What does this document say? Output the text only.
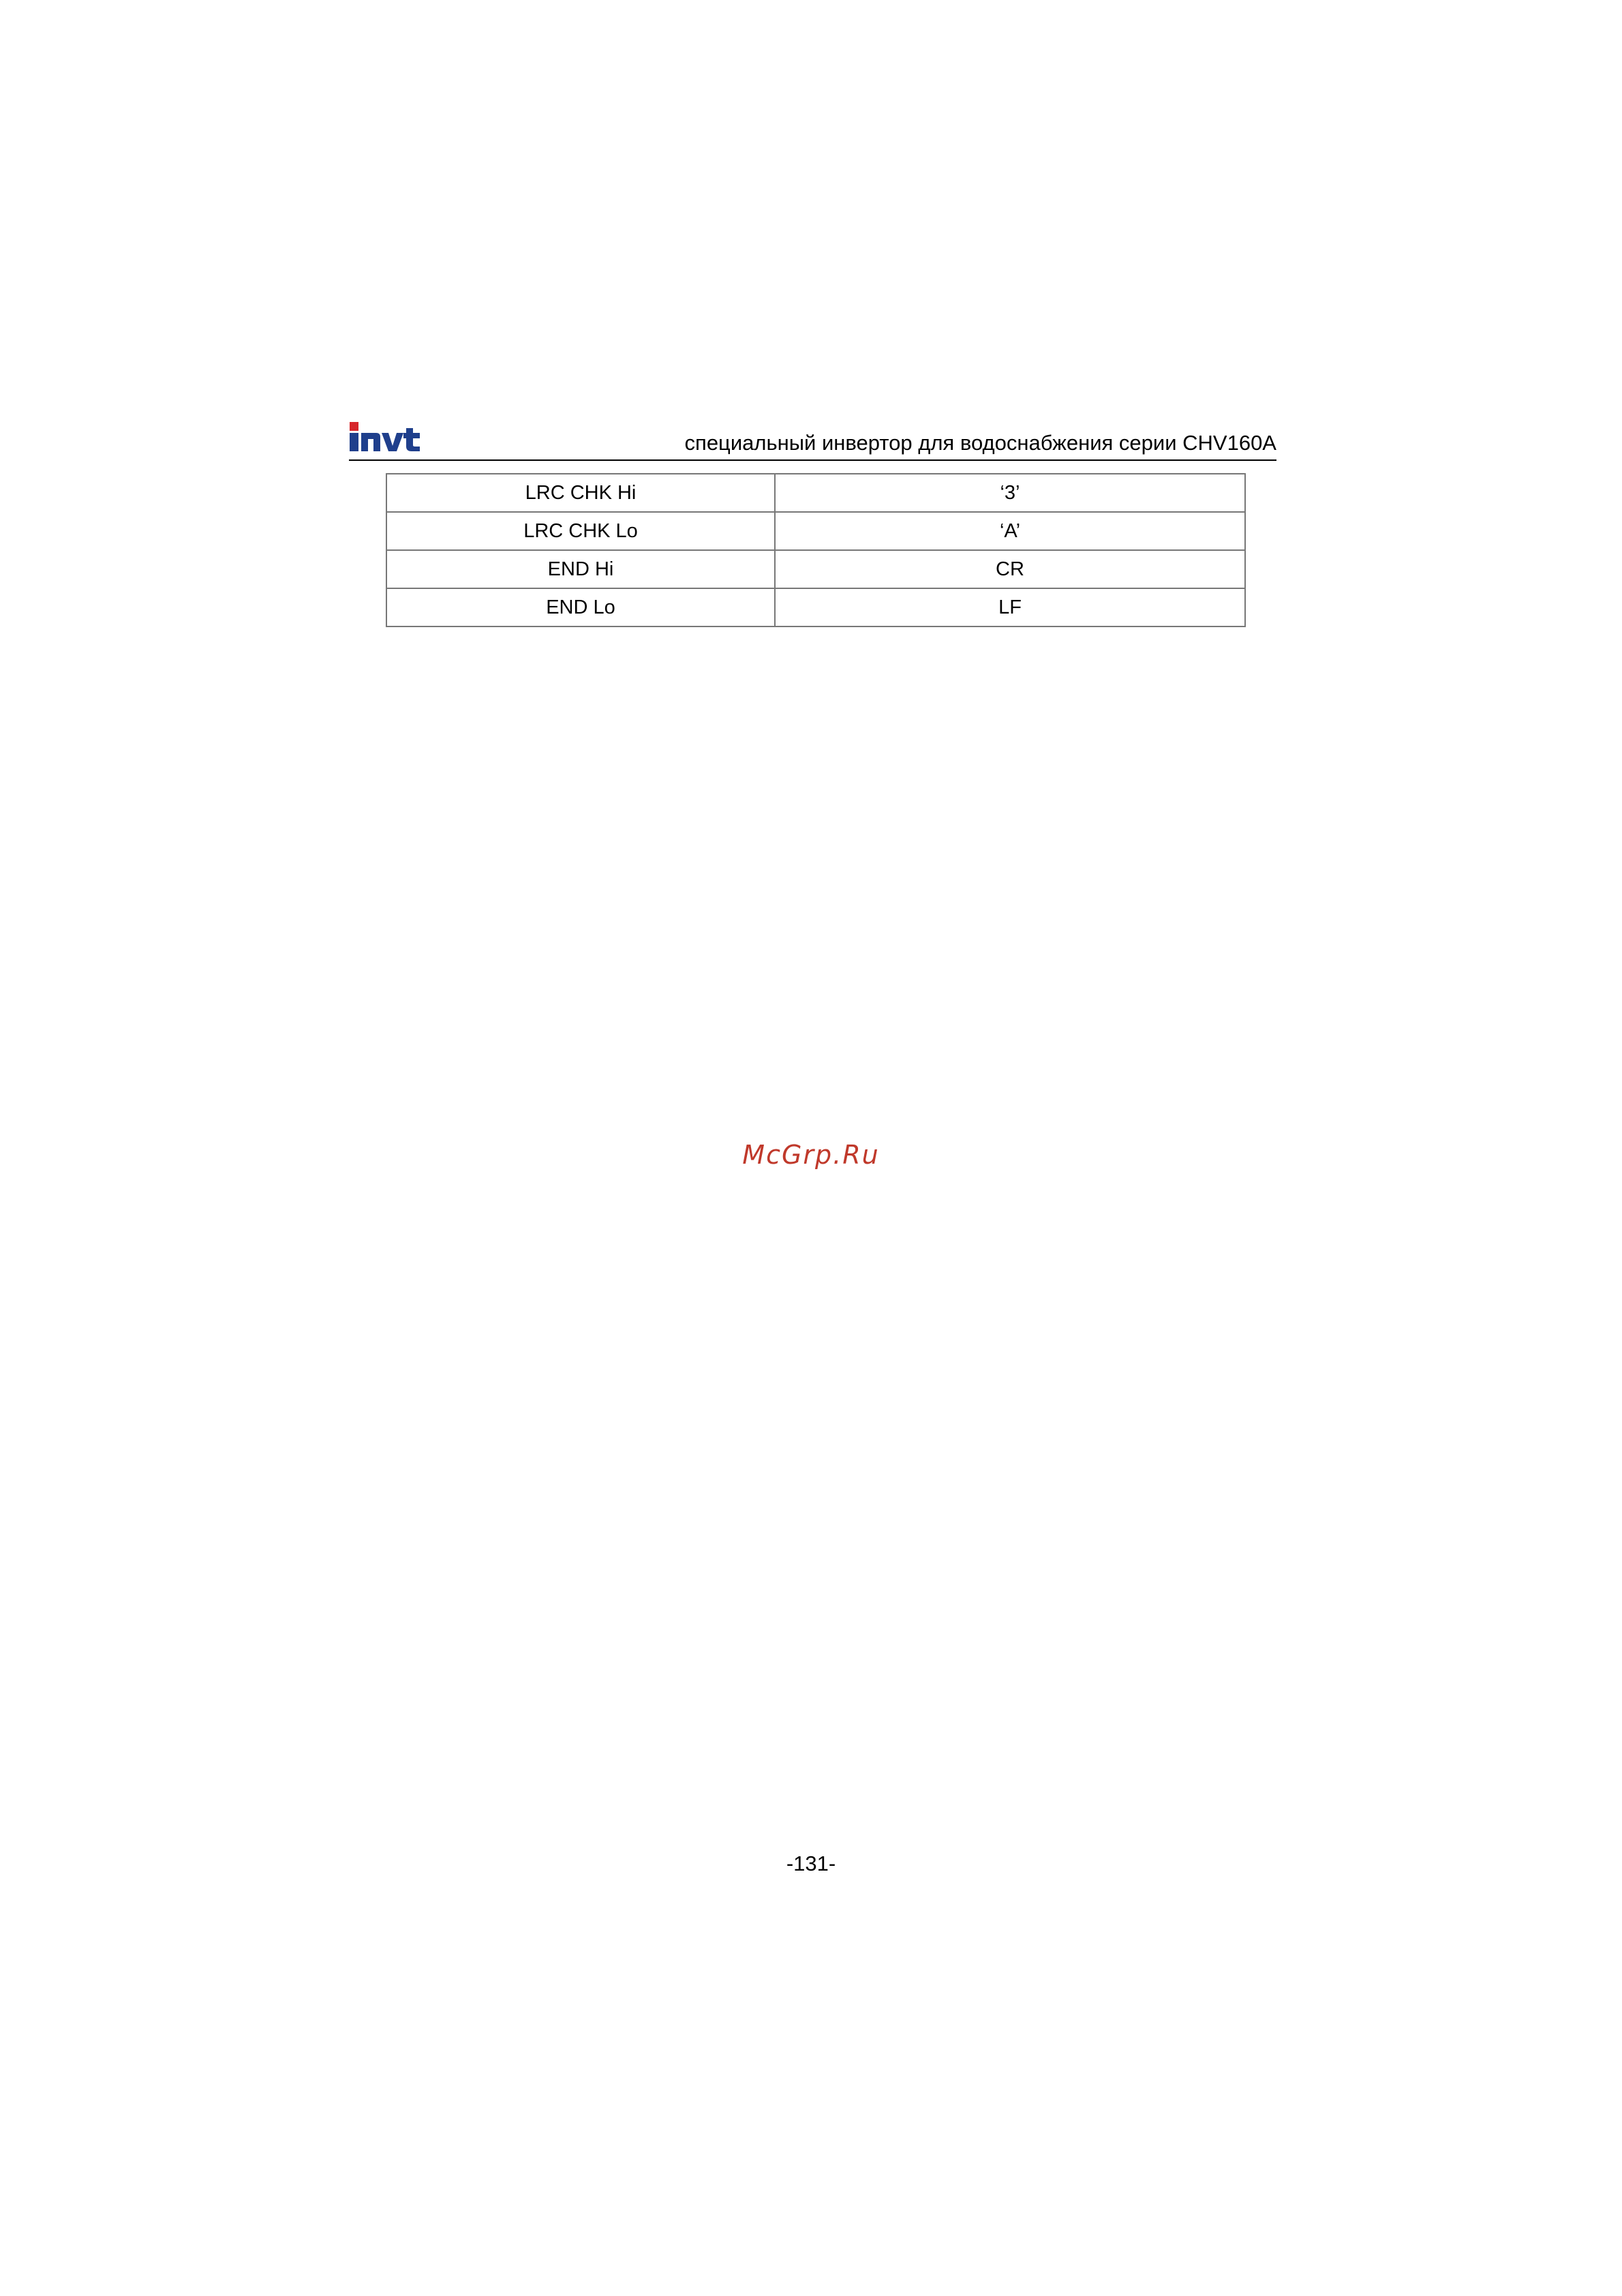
специальный инвертор для водоснабжения серии CHV160A
LRC CHK Hi	‘3’
LRC CHK Lo	‘A’
END Hi	CR
END Lo	LF
McGrp.Ru
-131-
